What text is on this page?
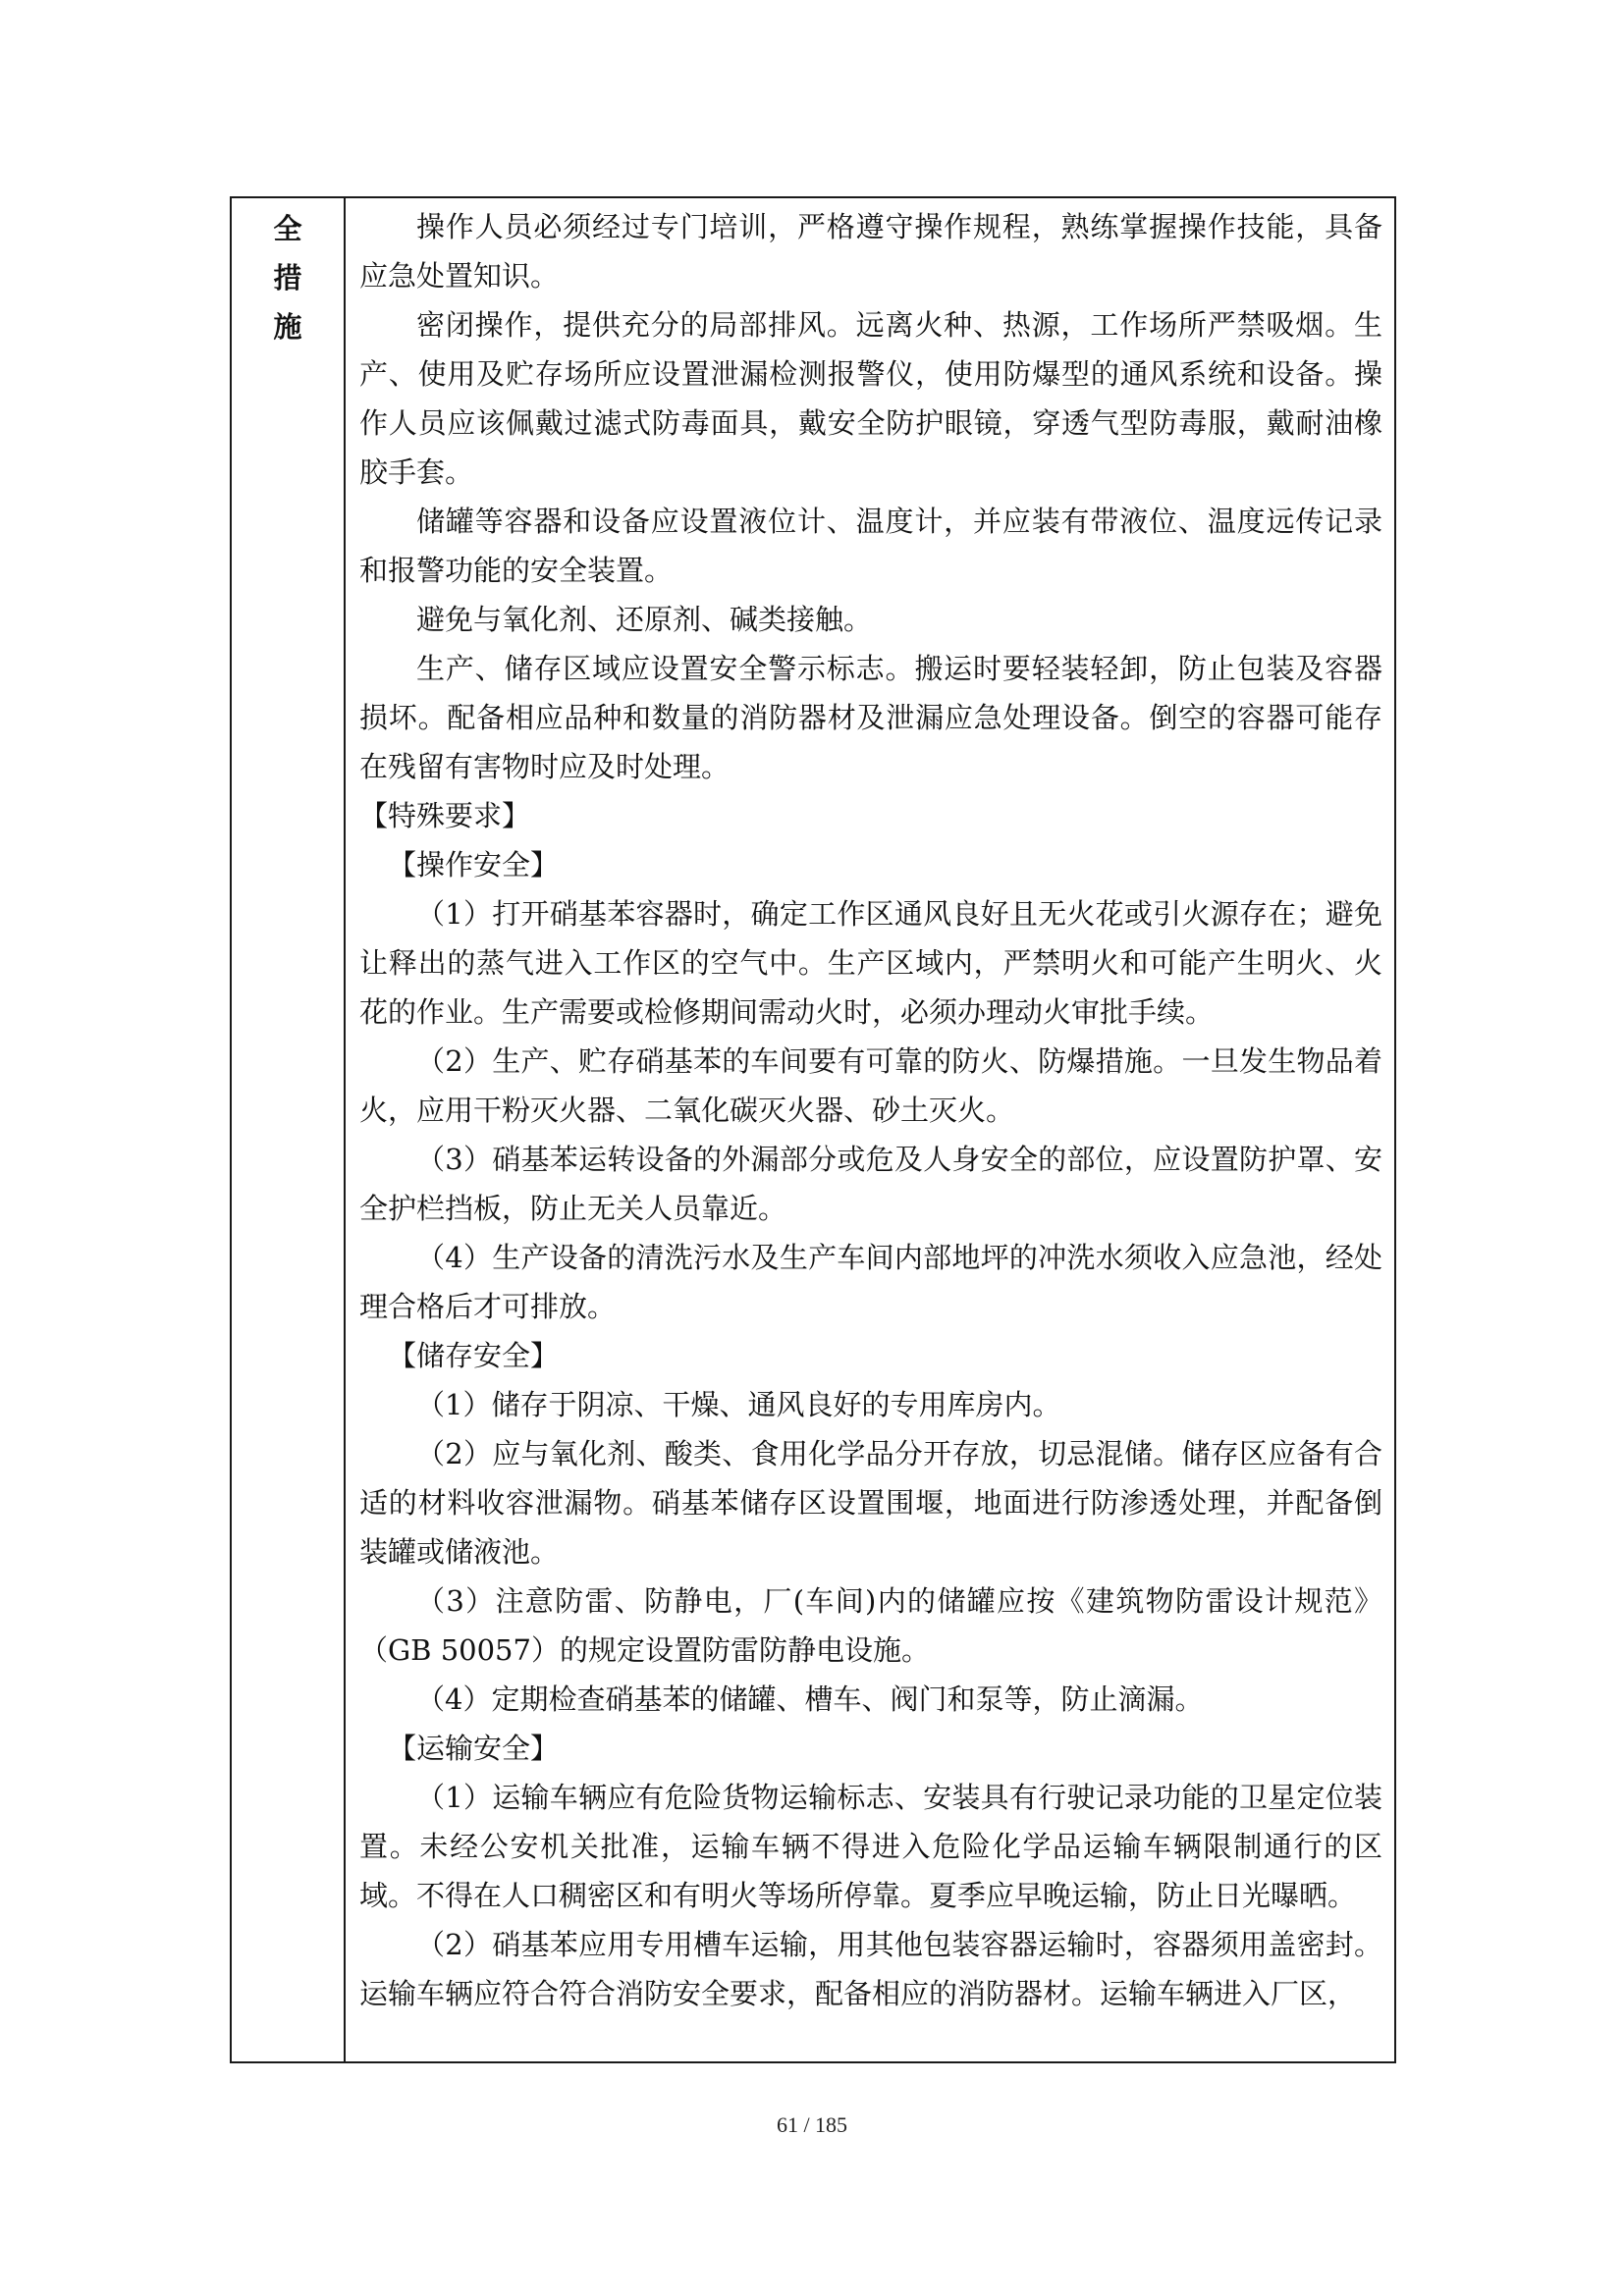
全
措
施

操作人员必须经过专门培训，严格遵守操作规程，熟练掌握操作技能，具备应急处置知识。

密闭操作，提供充分的局部排风。远离火种、热源，工作场所严禁吸烟。生产、使用及贮存场所应设置泄漏检测报警仪，使用防爆型的通风系统和设备。操作人员应该佩戴过滤式防毒面具，戴安全防护眼镜，穿透气型防毒服，戴耐油橡胶手套。

储罐等容器和设备应设置液位计、温度计，并应装有带液位、温度远传记录和报警功能的安全装置。

避免与氧化剂、还原剂、碱类接触。

生产、储存区域应设置安全警示标志。搬运时要轻装轻卸，防止包装及容器损坏。配备相应品种和数量的消防器材及泄漏应急处理设备。倒空的容器可能存在残留有害物时应及时处理。

【特殊要求】

【操作安全】

（1）打开硝基苯容器时，确定工作区通风良好且无火花或引火源存在；避免让释出的蒸气进入工作区的空气中。生产区域内，严禁明火和可能产生明火、火花的作业。生产需要或检修期间需动火时，必须办理动火审批手续。

（2）生产、贮存硝基苯的车间要有可靠的防火、防爆措施。一旦发生物品着火，应用干粉灭火器、二氧化碳灭火器、砂土灭火。

（3）硝基苯运转设备的外漏部分或危及人身安全的部位，应设置防护罩、安全护栏挡板，防止无关人员靠近。

（4）生产设备的清洗污水及生产车间内部地坪的冲洗水须收入应急池，经处理合格后才可排放。

【储存安全】

（1）储存于阴凉、干燥、通风良好的专用库房内。

（2）应与氧化剂、酸类、食用化学品分开存放，切忌混储。储存区应备有合适的材料收容泄漏物。硝基苯储存区设置围堰，地面进行防渗透处理，并配备倒装罐或储液池。

（3）注意防雷、防静电，厂(车间)内的储罐应按《建筑物防雷设计规范》（GB 50057）的规定设置防雷防静电设施。

（4）定期检查硝基苯的储罐、槽车、阀门和泵等，防止滴漏。

【运输安全】

（1）运输车辆应有危险货物运输标志、安装具有行驶记录功能的卫星定位装置。未经公安机关批准，运输车辆不得进入危险化学品运输车辆限制通行的区域。不得在人口稠密区和有明火等场所停靠。夏季应早晚运输，防止日光曝晒。

（2）硝基苯应用专用槽车运输，用其他包装容器运输时，容器须用盖密封。运输车辆应符合符合消防安全要求，配备相应的消防器材。运输车辆进入厂区，

61 / 185
